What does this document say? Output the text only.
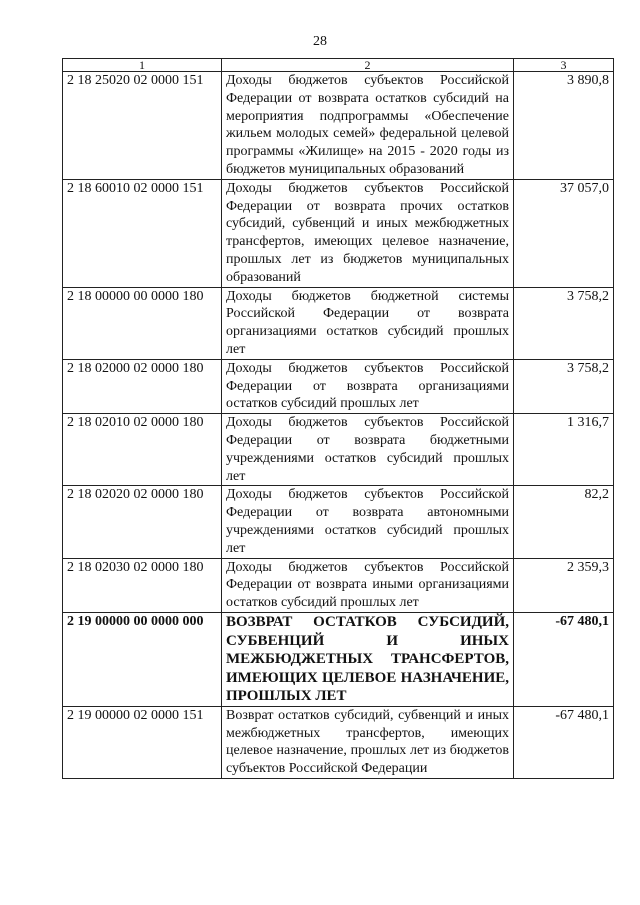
28
1	2	3
2 18 25020 02 0000 151	Доходы бюджетов субъектов Российской Федерации от возврата остатков субсидий на мероприятия подпрограммы «Обеспечение жильем молодых семей» федеральной целевой программы «Жилище» на 2015 - 2020 годы из бюджетов муниципальных образований	3 890,8
2 18 60010 02 0000 151	Доходы бюджетов субъектов Российской Федерации от возврата прочих остатков субсидий, субвенций и иных межбюджетных трансфертов, имеющих целевое назначение, прошлых лет из бюджетов муниципальных образований	37 057,0
2 18 00000 00 0000 180	Доходы бюджетов бюджетной системы Российской Федерации от возврата организациями остатков субсидий прошлых лет	3 758,2
2 18 02000 02 0000 180	Доходы бюджетов субъектов Российской Федерации от возврата организациями остатков субсидий прошлых лет	3 758,2
2 18 02010 02 0000 180	Доходы бюджетов субъектов Российской Федерации от возврата бюджетными учреждениями остатков субсидий прошлых лет	1 316,7
2 18 02020 02 0000 180	Доходы бюджетов субъектов Российской Федерации от возврата автономными учреждениями остатков субсидий прошлых лет	82,2
2 18 02030 02 0000 180	Доходы бюджетов субъектов Российской Федерации от возврата иными организациями остатков субсидий прошлых лет	2 359,3
2 19 00000 00 0000 000	ВОЗВРАТ ОСТАТКОВ СУБСИДИЙ, СУБВЕНЦИЙ И ИНЫХ МЕЖБЮДЖЕТНЫХ ТРАНСФЕРТОВ, ИМЕЮЩИХ ЦЕЛЕВОЕ НАЗНАЧЕНИЕ, ПРОШЛЫХ ЛЕТ	-67 480,1
2 19 00000 02 0000 151	Возврат остатков субсидий, субвенций и иных межбюджетных трансфертов, имеющих целевое назначение, прошлых лет из бюджетов субъектов Российской Федерации	-67 480,1
